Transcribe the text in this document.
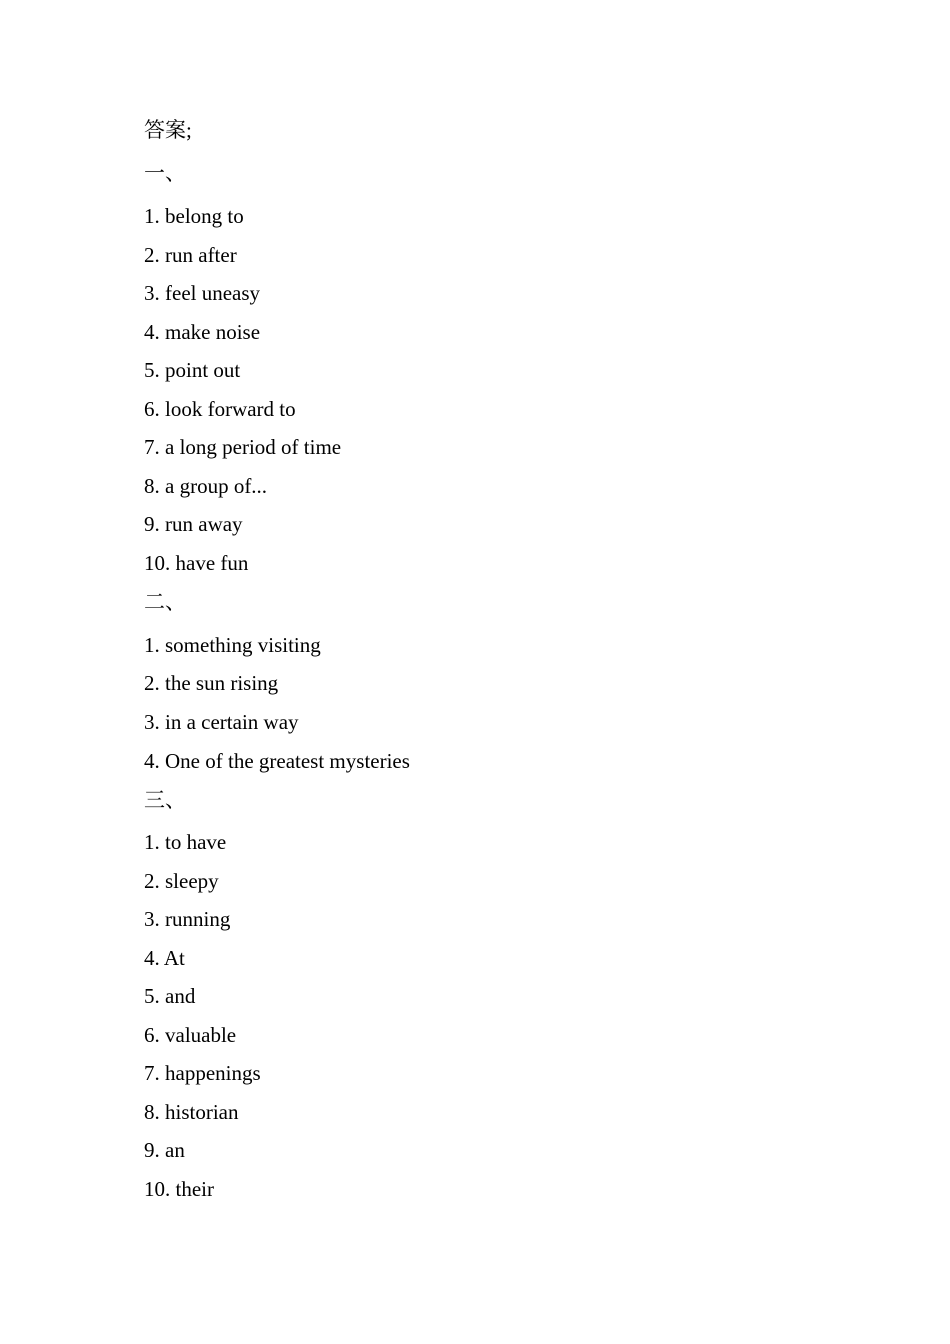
答案;
一、
1. belong to
2. run after
3. feel uneasy
4. make noise
5. point out
6. look forward to
7. a long period of time
8. a group of...
9. run away
10. have fun
二、
1. something visiting
2. the sun rising
3. in a certain way
4. One of the greatest mysteries
三、
1. to have
2. sleepy
3. running
4. At
5. and
6. valuable
7. happenings
8. historian
9. an
10. their
